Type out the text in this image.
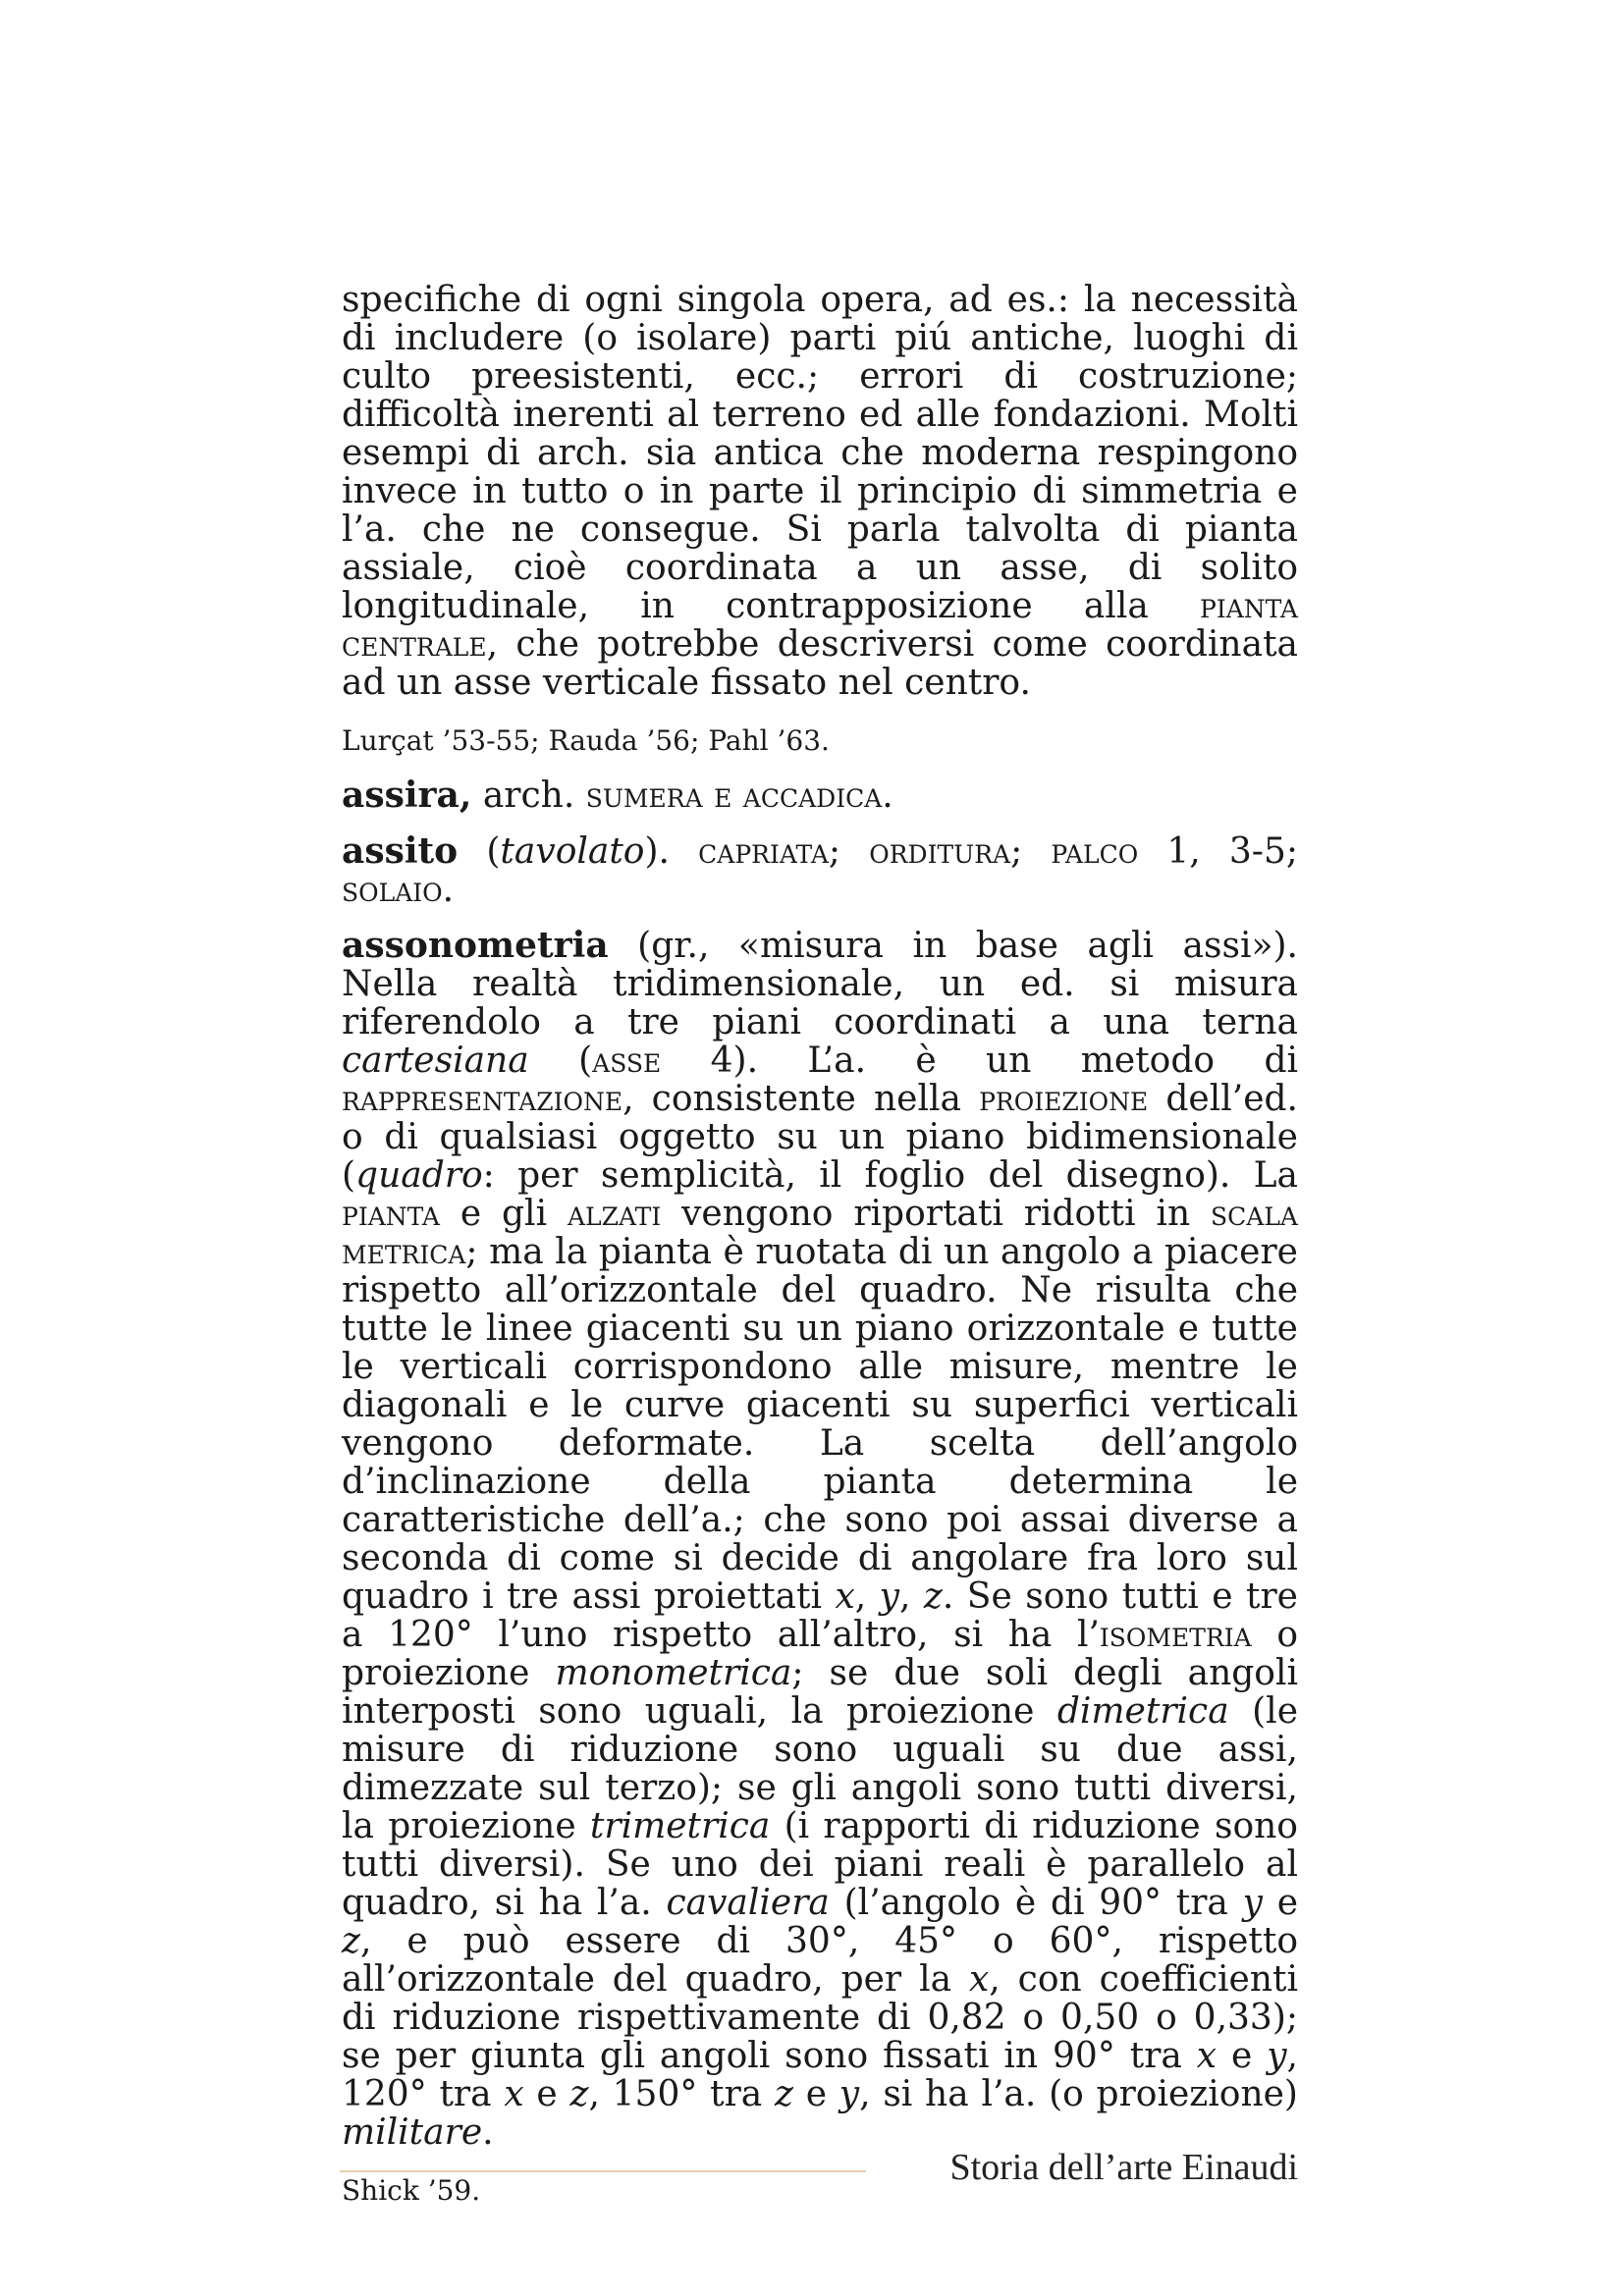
specifiche di ogni singola opera, ad es.: la necessità di includere (o isolare) parti piú antiche, luoghi di culto preesistenti, ecc.; errori di costruzione; difficoltà inerenti al terreno ed alle fondazioni. Molti esempi di arch. sia antica che moderna respingono invece in tutto o in parte il principio di simmetria e l’a. che ne consegue. Si parla talvolta di pianta assiale, cioè coordinata a un asse, di solito longitudinale, in contrapposizione alla pianta centrale, che potrebbe descriversi come coordinata ad un asse verticale fissato nel centro.

Lurçat ’53-55; Rauda ’56; Pahl ’63.

assira, arch. sumera e accadica.

assito (tavolato). capriata; orditura; palco 1, 3-5; solaio.

assonometria (gr., «misura in base agli assi»). Nella realtà tridimensionale, un ed. si misura riferendolo a tre piani coordinati a una terna cartesiana (asse 4). L’a. è un metodo di rappresentazione, consistente nella proiezione dell’ed. o di qualsiasi oggetto su un piano bidimensionale (quadro: per semplicità, il foglio del disegno). La pianta e gli alzati vengono riportati ridotti in scala metrica; ma la pianta è ruotata di un angolo a piacere rispetto all’orizzontale del quadro. Ne risulta che tutte le linee giacenti su un piano orizzontale e tutte le verticali corrispondono alle misure, mentre le diagonali e le curve giacenti su superfici verticali vengono deformate. La scelta dell’angolo d’inclinazione della pianta determina le caratteristiche dell’a.; che sono poi assai diverse a seconda di come si decide di angolare fra loro sul quadro i tre assi proiettati x, y, z. Se sono tutti e tre a 120° l’uno rispetto all’altro, si ha l’isometria o proiezione monometrica; se due soli degli angoli interposti sono uguali, la proiezione dimetrica (le misure di riduzione sono uguali su due assi, dimezzate sul terzo); se gli angoli sono tutti diversi, la proiezione trimetrica (i rapporti di riduzione sono tutti diversi). Se uno dei piani reali è parallelo al quadro, si ha l’a. cavaliera (l’angolo è di 90° tra y e z, e può essere di 30°, 45° o 60°, rispetto all’orizzontale del quadro, per la x, con coefficienti di riduzione rispettivamente di 0,82 o 0,50 o 0,33); se per giunta gli angoli sono fissati in 90° tra x e y, 120° tra x e z, 150° tra z e y, si ha l’a. (o proiezione) militare.

Shick ’59.

Storia dell’arte Einaudi
